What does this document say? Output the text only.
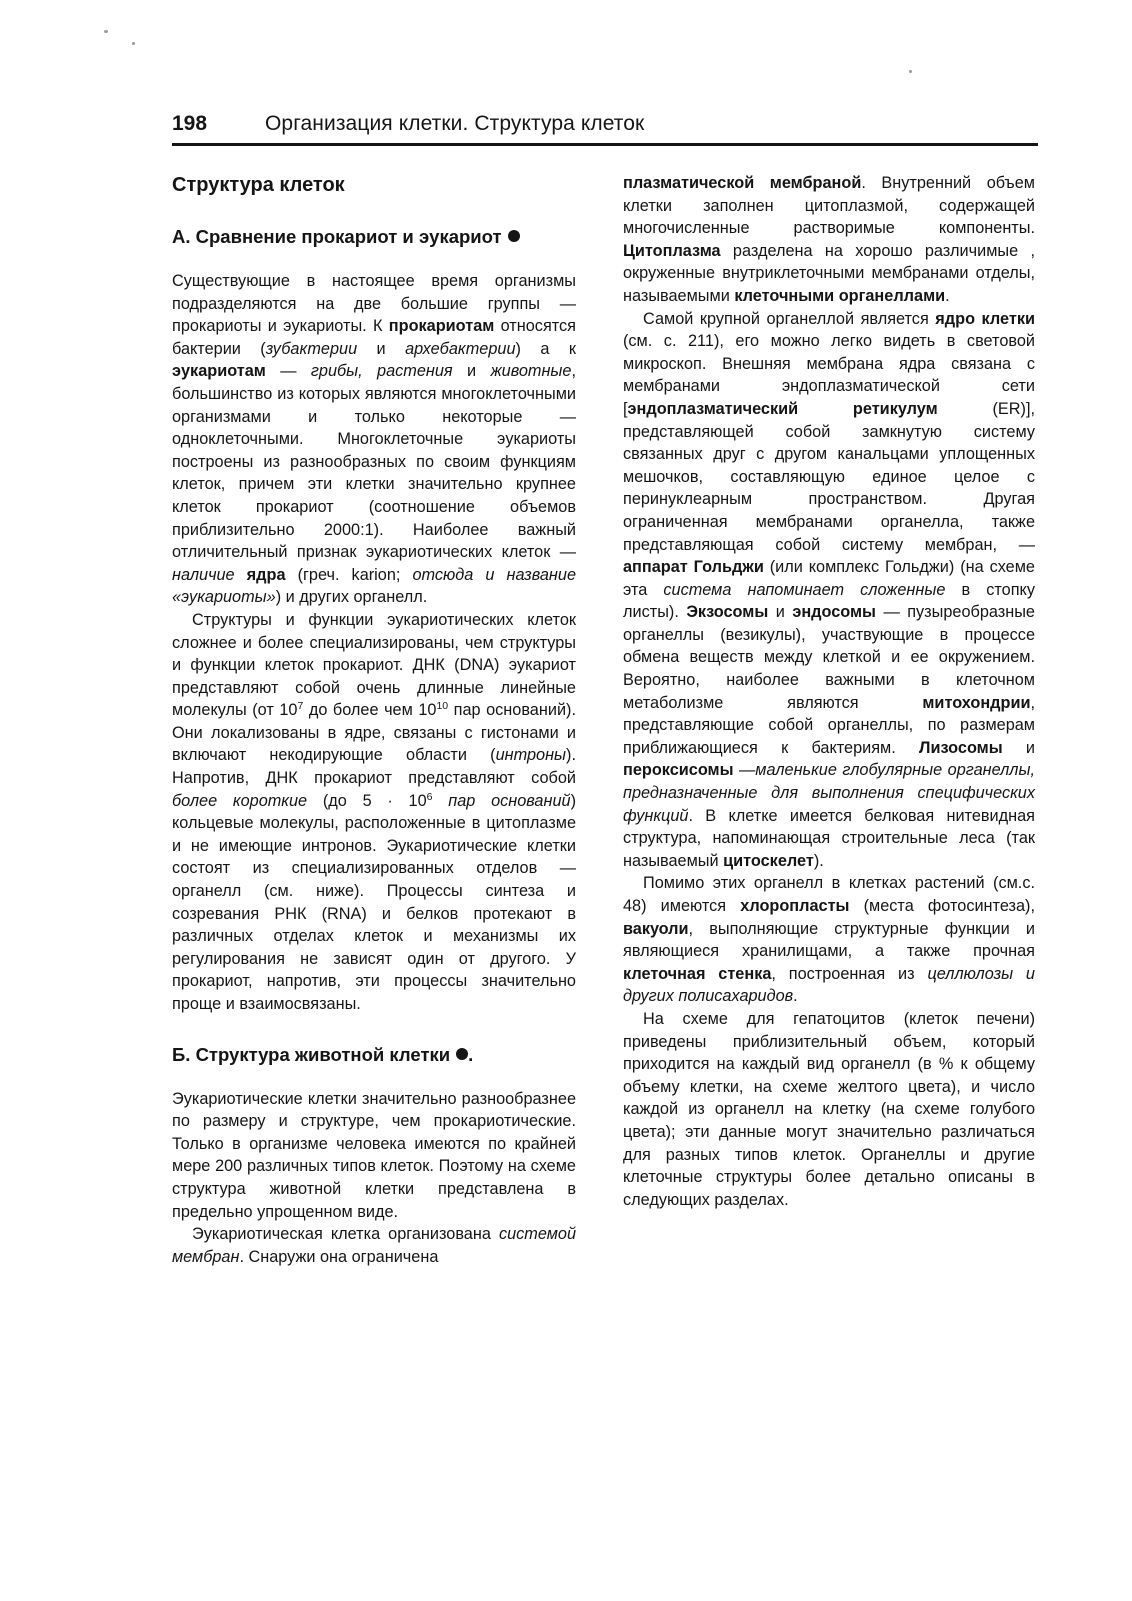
198	Организация клетки. Структура клеток
Структура клеток
А. Сравнение прокариот и эукариот

Существующие в настоящее время организмы подразделяются на две большие группы — прокариоты и эукариоты. К прокариотам относятся бактерии (зубактерии и архебактерии) а к эукариотам — грибы, растения и животные, большинство из которых являются многоклеточными организмами и только некоторые — одноклеточными. Многоклеточные эукариоты построены из разнообразных по своим функциям клеток, причем эти клетки значительно крупнее клеток прокариот (соотношение объемов приблизительно 2000:1). Наиболее важный отличительный признак эукариотических клеток — наличие ядра (греч. karion; отсюда и название «эукариоты») и других органелл.

Структуры и функции эукариотических клеток сложнее и более специализированы, чем структуры и функции клеток прокариот. ДНК (DNA) эукариот представляют собой очень длинные линейные молекулы (от $10^7$ до более чем $10^{10}$ пар оснований). Они локализованы в ядре, связаны с гистонами и включают некодирующие области (интроны). Напротив, ДНК прокариот представляют собой более короткие (до $5 \cdot 10^6$ пар оснований) кольцевые молекулы, расположенные в цитоплазме и не имеющие интронов. Эукариотические клетки состоят из специализированных отделов — органелл (см. ниже). Процессы синтеза и созревания РНК (RNA) и белков протекают в различных отделах клеток и механизмы их регулирования не зависят один от другого. У прокариот, напротив, эти процессы значительно проще и взаимосвязаны.

Б. Структура животной клетки .

Эукариотические клетки значительно разнообразнее по размеру и структуре, чем прокариотические. Только в организме человека имеются по крайней мере 200 различных типов клеток. Поэтому на схеме структура животной клетки представлена в предельно упрощенном виде.

Эукариотическая клетка организована системой мембран. Снаружи она ограничена

плазматической мембраной. Внутренний объем клетки заполнен цитоплазмой, содержащей многочисленные растворимые компоненты. Цитоплазма разделена на хорошо различимые , окруженные внутриклеточными мембранами отделы, называемыми клеточными органеллами.

Самой крупной органеллой является ядро клетки (см. с. 211), его можно легко видеть в световой микроскоп. Внешняя мембрана ядра связана с мембранами эндоплазматической сети [эндоплазматический ретикулум (ER)], представляющей собой замкнутую систему связанных друг с другом канальцами уплощенных мешочков, составляющую единое целое с перинуклеарным пространством. Другая ограниченная мембранами органелла, также представляющая собой систему мембран, — аппарат Гольджи (или комплекс Гольджи) (на схеме эта система напоминает сложенные в стопку листы). Экзосомы и эндосомы — пузыреобразные органеллы (везикулы), участвующие в процессе обмена веществ между клеткой и ее окружением. Вероятно, наиболее важными в клеточном метаболизме являются митохондрии, представляющие собой органеллы, по размерам приближающиеся к бактериям. Лизосомы и пероксисомы —маленькие глобулярные органеллы, предназначенные для выполнения специфических функций. В клетке имеется белковая нитевидная структура, напоминающая строительные леса (так называемый цитоскелет).

Помимо этих органелл в клетках растений (см.с. 48) имеются хлоропласты (места фотосинтеза), вакуоли, выполняющие структурные функции и являющиеся хранилищами, а также прочная клеточная стенка, построенная из целлюлозы и других полисахаридов.

На схеме для гепатоцитов (клеток печени) приведены приблизительный объем, который приходится на каждый вид органелл (в % к общему объему клетки, на схеме желтого цвета), и число каждой из органелл на клетку (на схеме голубого цвета); эти данные могут значительно различаться для разных типов клеток. Органеллы и другие клеточные структуры более детально описаны в следующих разделах.
